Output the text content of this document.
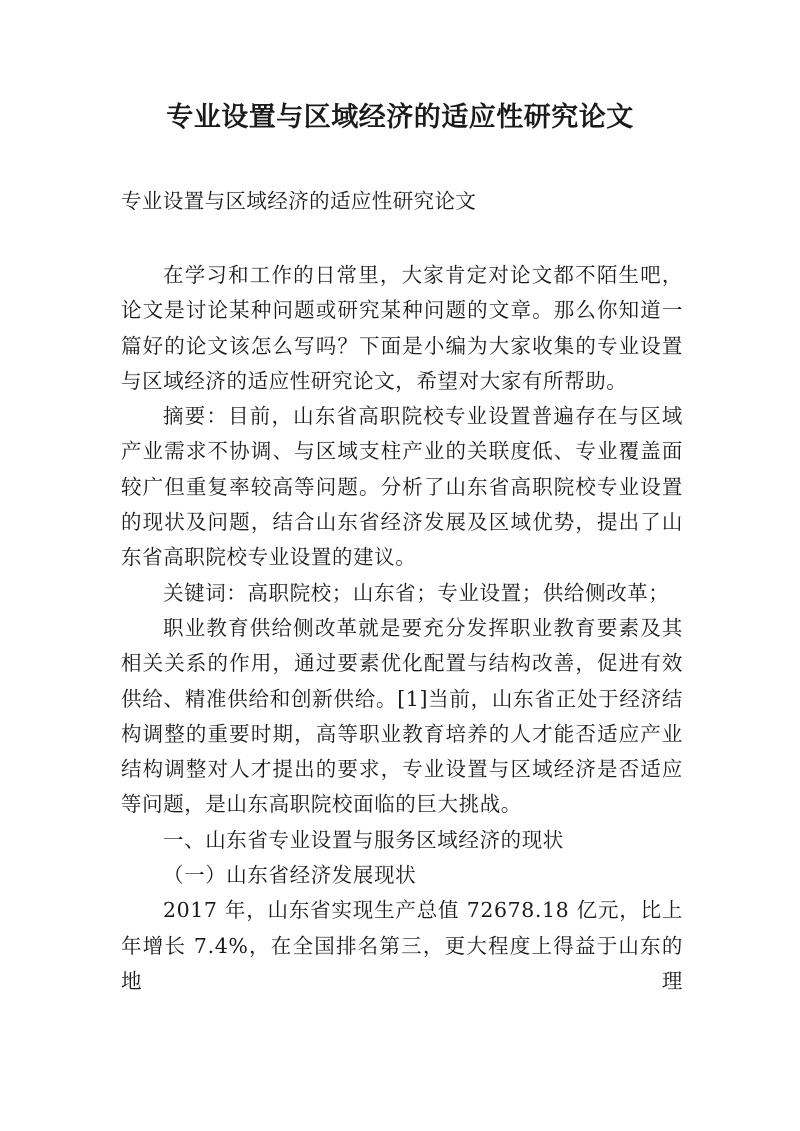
专业设置与区域经济的适应性研究论文

专业设置与区域经济的适应性研究论文

在学习和工作的日常里，大家肯定对论文都不陌生吧，论文是讨论某种问题或研究某种问题的文章。那么你知道一篇好的论文该怎么写吗？下面是小编为大家收集的专业设置与区域经济的适应性研究论文，希望对大家有所帮助。

摘要：目前，山东省高职院校专业设置普遍存在与区域产业需求不协调、与区域支柱产业的关联度低、专业覆盖面较广但重复率较高等问题。分析了山东省高职院校专业设置的现状及问题，结合山东省经济发展及区域优势，提出了山东省高职院校专业设置的建议。

关键词：高职院校；山东省；专业设置；供给侧改革；

职业教育供给侧改革就是要充分发挥职业教育要素及其相关关系的作用，通过要素优化配置与结构改善，促进有效供给、精准供给和创新供给。[1]当前，山东省正处于经济结构调整的重要时期，高等职业教育培养的人才能否适应产业结构调整对人才提出的要求，专业设置与区域经济是否适应等问题，是山东高职院校面临的巨大挑战。

一、山东省专业设置与服务区域经济的现状

（一）山东省经济发展现状

2017 年，山东省实现生产总值 72678.18 亿元，比上年增长 7.4%，在全国排名第三，更大程度上得益于山东的地理
